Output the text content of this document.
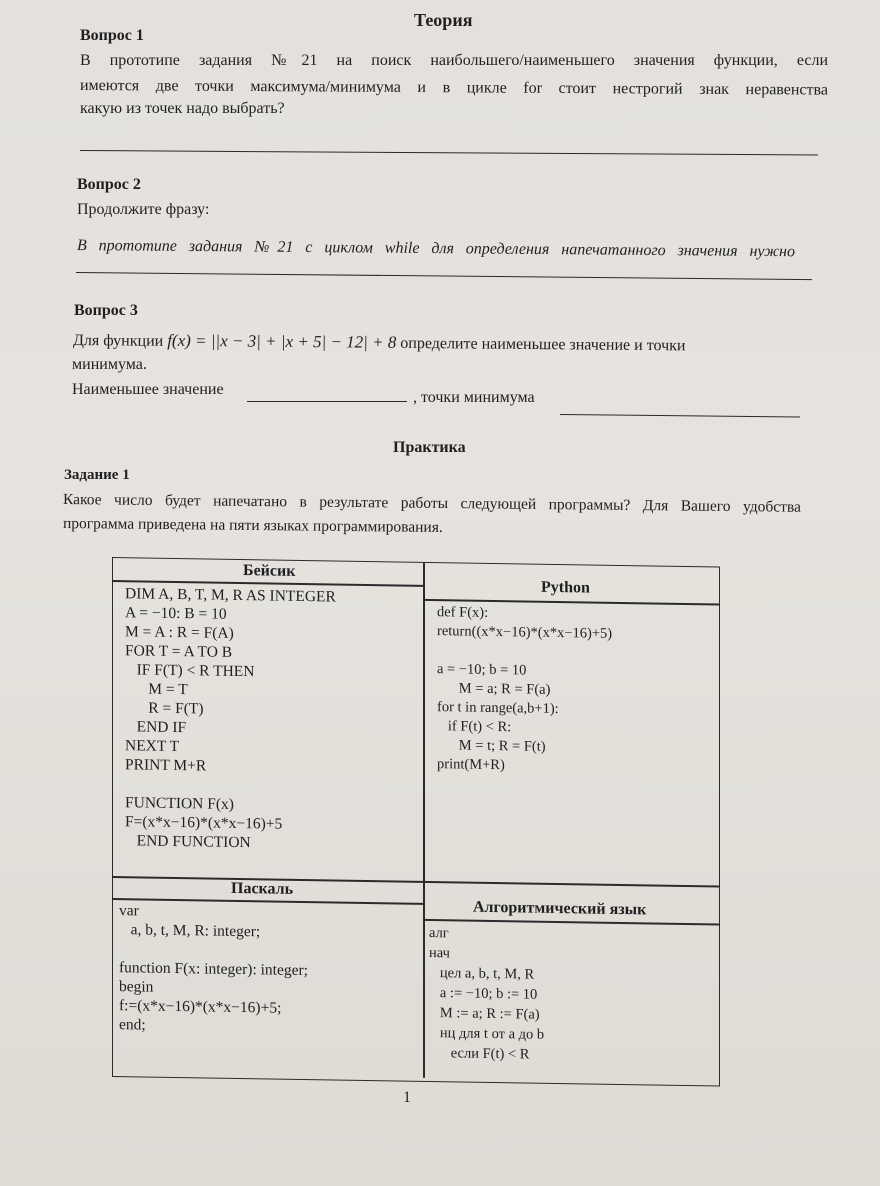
Теория
Вопрос 1
В прототипе задания №21 на поиск наибольшего/наименьшего значения функции, если
имеются две точки максимума/минимума и в цикле for стоит нестрогий знак неравенства
какую из точек надо выбрать?
Вопрос 2
Продолжите фразу:
В прототипе задания №21 с циклом while для определения напечатанного значения нужно
Вопрос 3
Для функции f(x) = ||x − 3| + |x + 5| − 12| + 8 определите наименьшее значение и точки
минимума.
Наименьшее значение	, точки минимума
Практика
Задание 1
Какое число будет напечатано в результате работы следующей программы? Для Вашего удобства
программа приведена на пяти языках программирования.
Бейсик
DIM A, B, T, M, R AS INTEGER
A = −10: B = 10
M = A : R = F(A)
FOR T = A TO B
IF F(T) < R THEN
M = T
R = F(T)
END IF
NEXT T
PRINT M+R

FUNCTION F(x)
F=(x*x−16)*(x*x−16)+5
END FUNCTION
Python
def F(x):
return((x*x−16)*(x*x−16)+5)

a = −10; b = 10
M = a; R = F(a)
for t in range(a,b+1):
if F(t) < R:
M = t; R = F(t)
print(M+R)
Паскаль
var
a, b, t, M, R: integer;

function F(x: integer): integer;
begin
f:=(x*x−16)*(x*x−16)+5;
end;
Алгоритмический язык
алг
нач
цел a, b, t, M, R
a := −10; b := 10
M := a; R := F(a)
нц для t от a до b
если F(t) < R
1
